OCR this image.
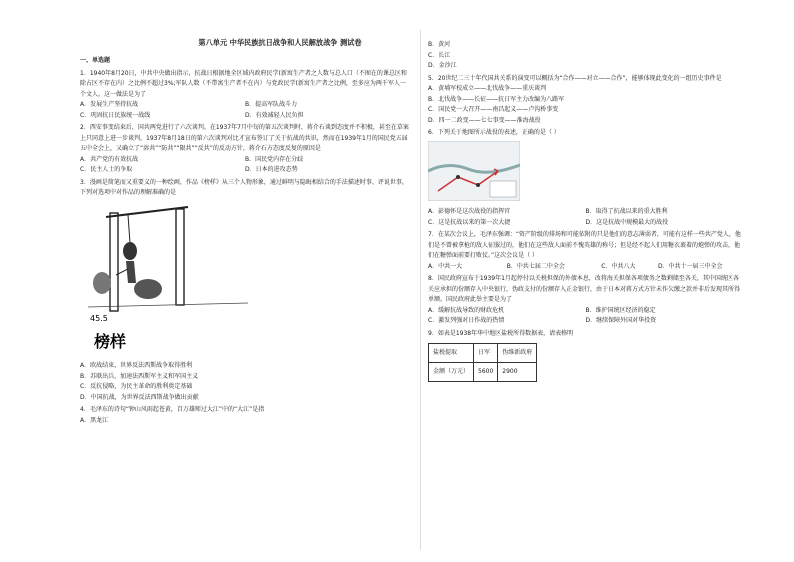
第八单元 中华民族抗日战争和人民解放战争 测试卷
一、单选题
1．1940年8月20日，中共中央做出指示，抗战日根据地全区域内政府民学(新寓生产者之人数与总人口（不囿在的课总区和除占区不存在内）之比例不超过3%;军队人数（不带寓生产者不在内）与党政民学(新寓生产者之比例，至多应为两千军人一个文人。这一做法是为了
A．发展生产坚持抗战	B．提高军队战斗力
C．巩固抗日民族统一战线	D．有效减轻人民负担
2．西安事变结束后，国共两党进行了六次谈判。在1937年7月中旬的第五次谈判时，蒋介石谈到态度并不积极，甚至在草案上只同意上进一步谈判，1937年8月18日的第六次谈判对比才宣布签订了关于抗战的共识，然而在1939年1月的国民党五届五中全会上，又确立了“溶共”“防共”“限共”“反共”的反动方针，蒋介石方态度反复的原因是
A．共产党的有效抗战	B．国民党内存在分歧
C．民主人士的争取	D．日本的进攻态势
3．漫画是简笔而又重要义的一种绘画，作品《榜样》从三个人物形象，通过鲜明与隐晦相结合的手法描述时事、评说世事，下列对选项中对作品的理解准确的是
45.5
榜样
A．欧战结束，世界反法西斯战争取得胜利
B．苏联出兵，加速法西斯军主义和军国主义
C．反抗侵略，为民主革命的胜利奠定基础
D．中国抗战，为世界反法西斯战争做出贡献
4．毛泽东的诗句“钟山风雨起苍黄，百万雄师过大江”中的“大江”是指
A．黑龙江
B．黄河
C．长江
D．金沙江
5．20世纪二三十年代国共关系的演变可以概括为“合作——对立——合作”，能够体现此变化的一组历史事件是
A．黄埔军校成立——北伐战争——重庆谈判
B．北伐战争——长征——抗日军主力改编为八路军
C．国民党一大召开——南昌起义——卢沟桥事变
D．四一二政变——七七事变——淮海战役
6．下列关于地图所示战役的表述，正确的是（ ）
A．彭德怀是这次战役的指挥官	B．取得了抗战以来的重大胜利
C．这是抗战以来的第一次大捷	D．这是抗战中规模最大的战役
7．在某次会议上，毛泽东强调：“资产阶级的排场和可能依附的只是他们的意志薄弱者，可能有这样一些共产党人，他们是不曾被拿枪的敌人征服过的，他们在这些敌人面前不愧英雄的称号；但是经不起人们用糖衣裹着的炮弹的攻击，他们在糖弹面前要打败仗。”这次会议是（ ）
A．中共一大	B．中共七届二中全会	C．中共八大	D．中共十一届三中全会
8．国民政府宣布于1939年1月起停付以关税担保的外债本息，改将海关担保各项债务之数剩储至各关，其中国统区各关应承担的份额存入中央银行，伪政支付的份额存入正金银行，由于日本对蒋方式方针未作欠缴之款并非后发现其所得单额。国民政府此举主要是为了
A．缓解抗战导致的财政危机	B．维护国统区经济的稳定
C．激发列强对日作战的热情	D．继续保障外国对华投资
9．如表是1938年华中地区盐税所得数据表，请表格明
盐税提取	日军	伪维新政府
金额（万元）	5600	2900
